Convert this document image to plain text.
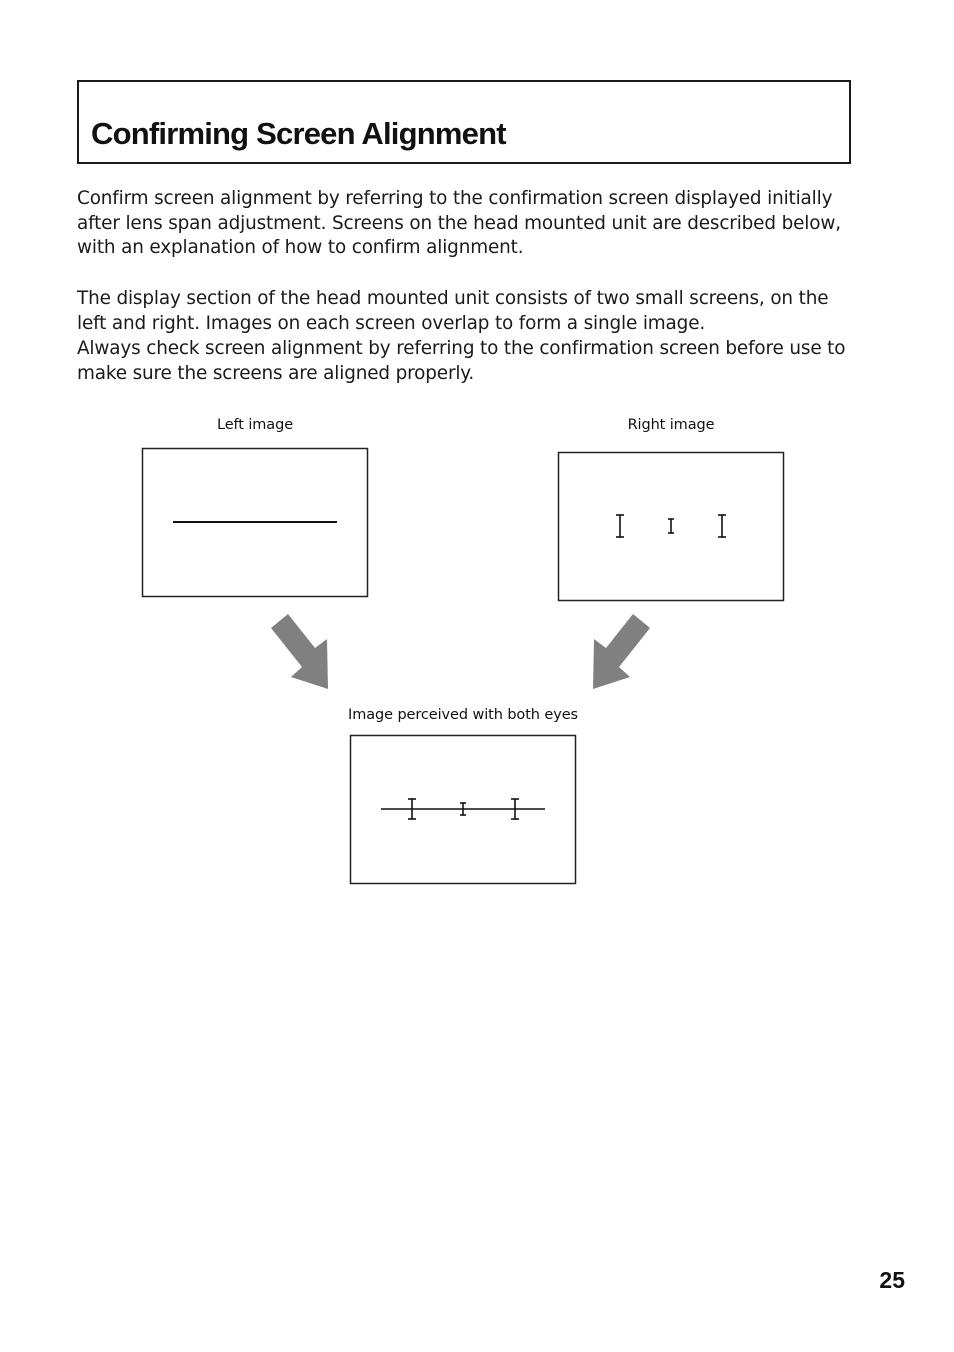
Confirming Screen Alignment
Confirm screen alignment by referring to the confirmation screen displayed initially after lens span adjustment. Screens on the head mounted unit are described below, with an explanation of how to confirm alignment.
The display section of the head mounted unit consists of two small screens, on the left and right. Images on each screen overlap to form a single image.
Always check screen alignment by referring to the confirmation screen before use to make sure the screens are aligned properly.
Left image	Right image
Image perceived with both eyes
25
